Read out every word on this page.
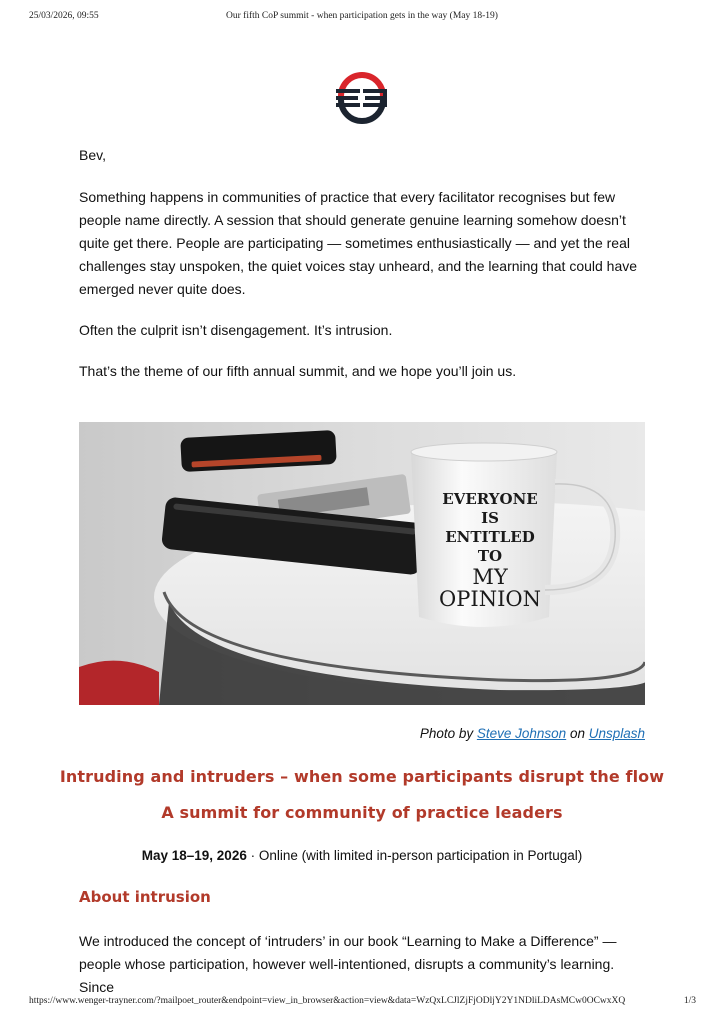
25/03/2026, 09:55	Our fifth CoP summit - when participation gets in the way (May 18-19)

Bev,

Something happens in communities of practice that every facilitator recognises but few people name directly. A session that should generate genuine learning somehow doesn’t quite get there. People are participating — sometimes enthusiastically — and yet the real challenges stay unspoken, the quiet voices stay unheard, and the learning that could have emerged never quite does.

Often the culprit isn’t disengagement. It’s intrusion.

That’s the theme of our fifth annual summit, and we hope you’ll join us.

EVERYONE
IS
ENTITLED
TO
MY
OPINION
Photo by Steve Johnson on Unsplash
Intruding and intruders – when some participants disrupt the flow
A summit for community of practice leaders
May 18–19, 2026 · Online (with limited in-person participation in Portugal)
About intrusion

We introduced the concept of ‘intruders’ in our book “Learning to Make a Difference” — people whose participation, however well-intentioned, disrupts a community’s learning. Since

https://www.wenger-trayner.com/?mailpoet_router&endpoint=view_in_browser&action=view&data=WzQxLCJlZjFjODljY2Y1NDliLDAsMCw0OCwxXQ	1/3
